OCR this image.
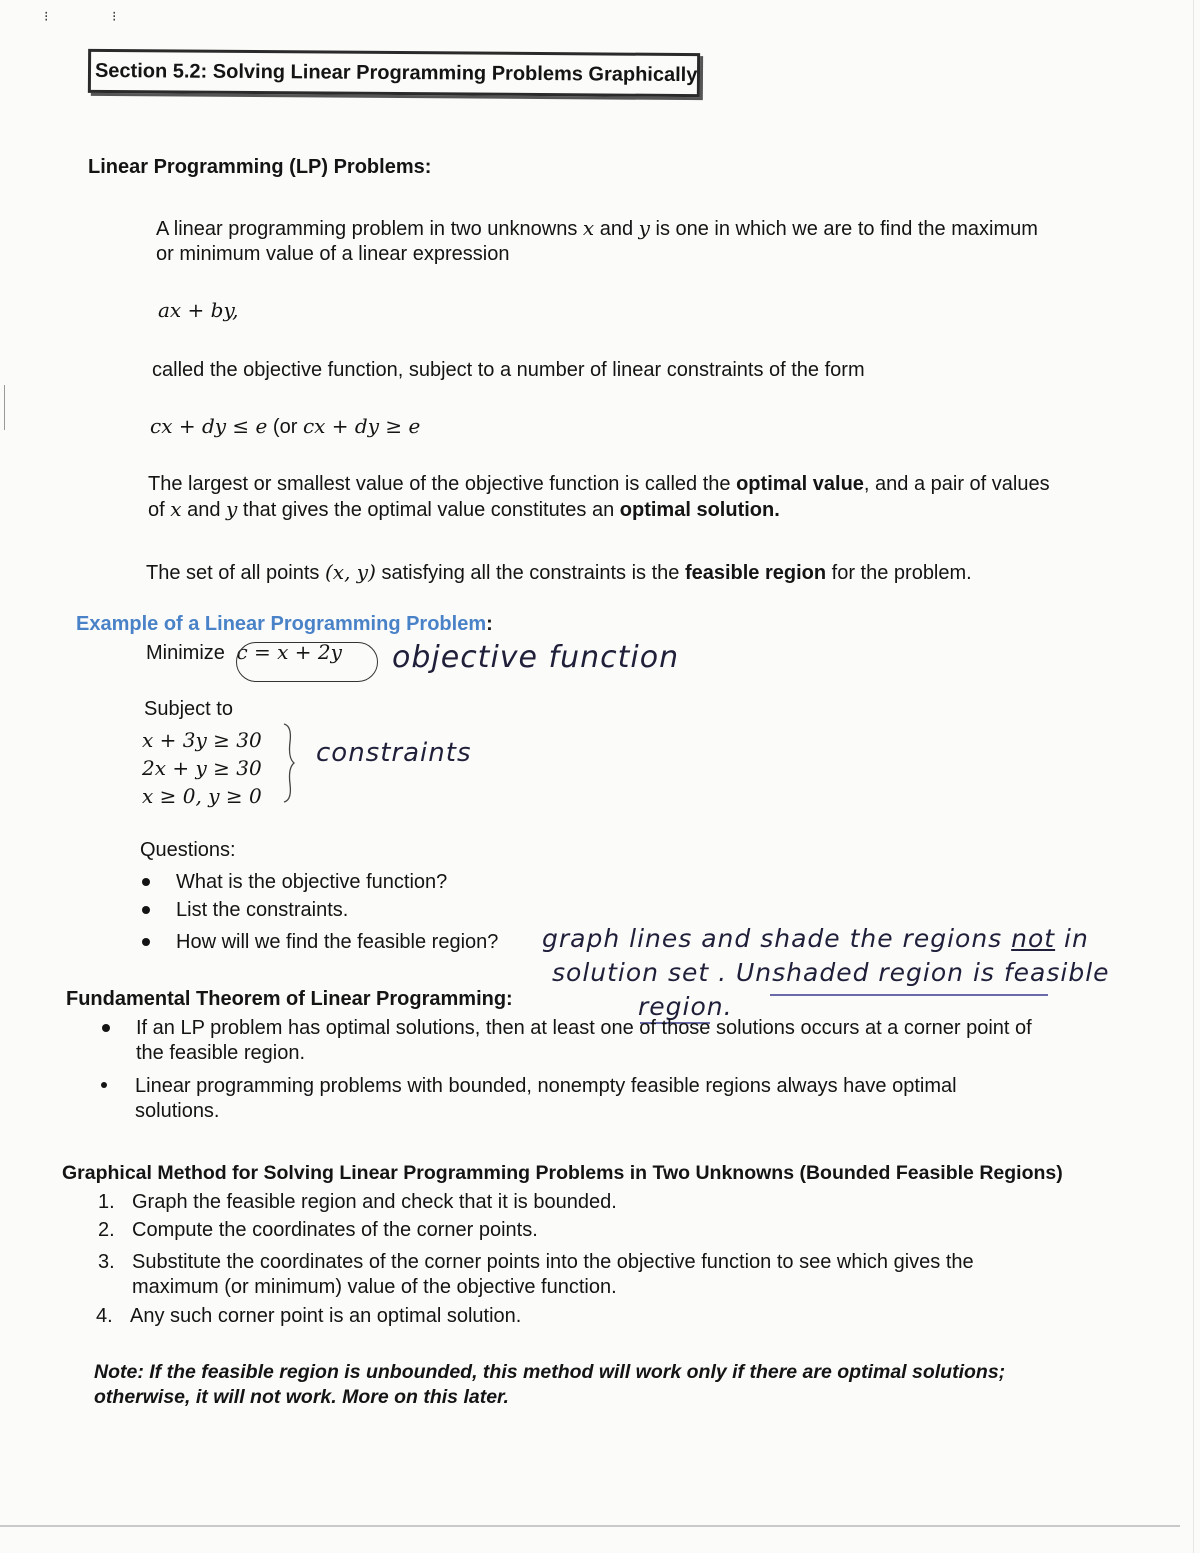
⁝	⁝
Section 5.2: Solving Linear Programming Problems Graphically
Linear Programming (LP) Problems:
A linear programming problem in two unknowns x and y is one in which we are to find the maximum
or minimum value of a linear expression
ax + by,
called the objective function, subject to a number of linear constraints of the form
cx + dy ≤ e (or cx + dy ≥ e
The largest or smallest value of the objective function is called the optimal value, and a pair of values
of x and y that gives the optimal value constitutes an optimal solution.
The set of all points (x, y) satisfying all the constraints is the feasible region for the problem.
Example of a Linear Programming Problem:
Minimize c = x + 2y objective function
Subject to
x + 3y ≥ 30
2x + y ≥ 30
x ≥ 0, y ≥ 0
constraints
Questions:
What is the objective function?
List the constraints.
How will we find the feasible region? graph lines and shade the regions not in
solution set . Unshaded region is feasible
region.
Fundamental Theorem of Linear Programming:
If an LP problem has optimal solutions, then at least one of those solutions occurs at a corner point of
the feasible region.
Linear programming problems with bounded, nonempty feasible regions always have optimal
solutions.
Graphical Method for Solving Linear Programming Problems in Two Unknowns (Bounded Feasible Regions)
1. Graph the feasible region and check that it is bounded.
2. Compute the coordinates of the corner points.
3. Substitute the coordinates of the corner points into the objective function to see which gives the
maximum (or minimum) value of the objective function.
4. Any such corner point is an optimal solution.
Note: If the feasible region is unbounded, this method will work only if there are optimal solutions;
otherwise, it will not work. More on this later.
